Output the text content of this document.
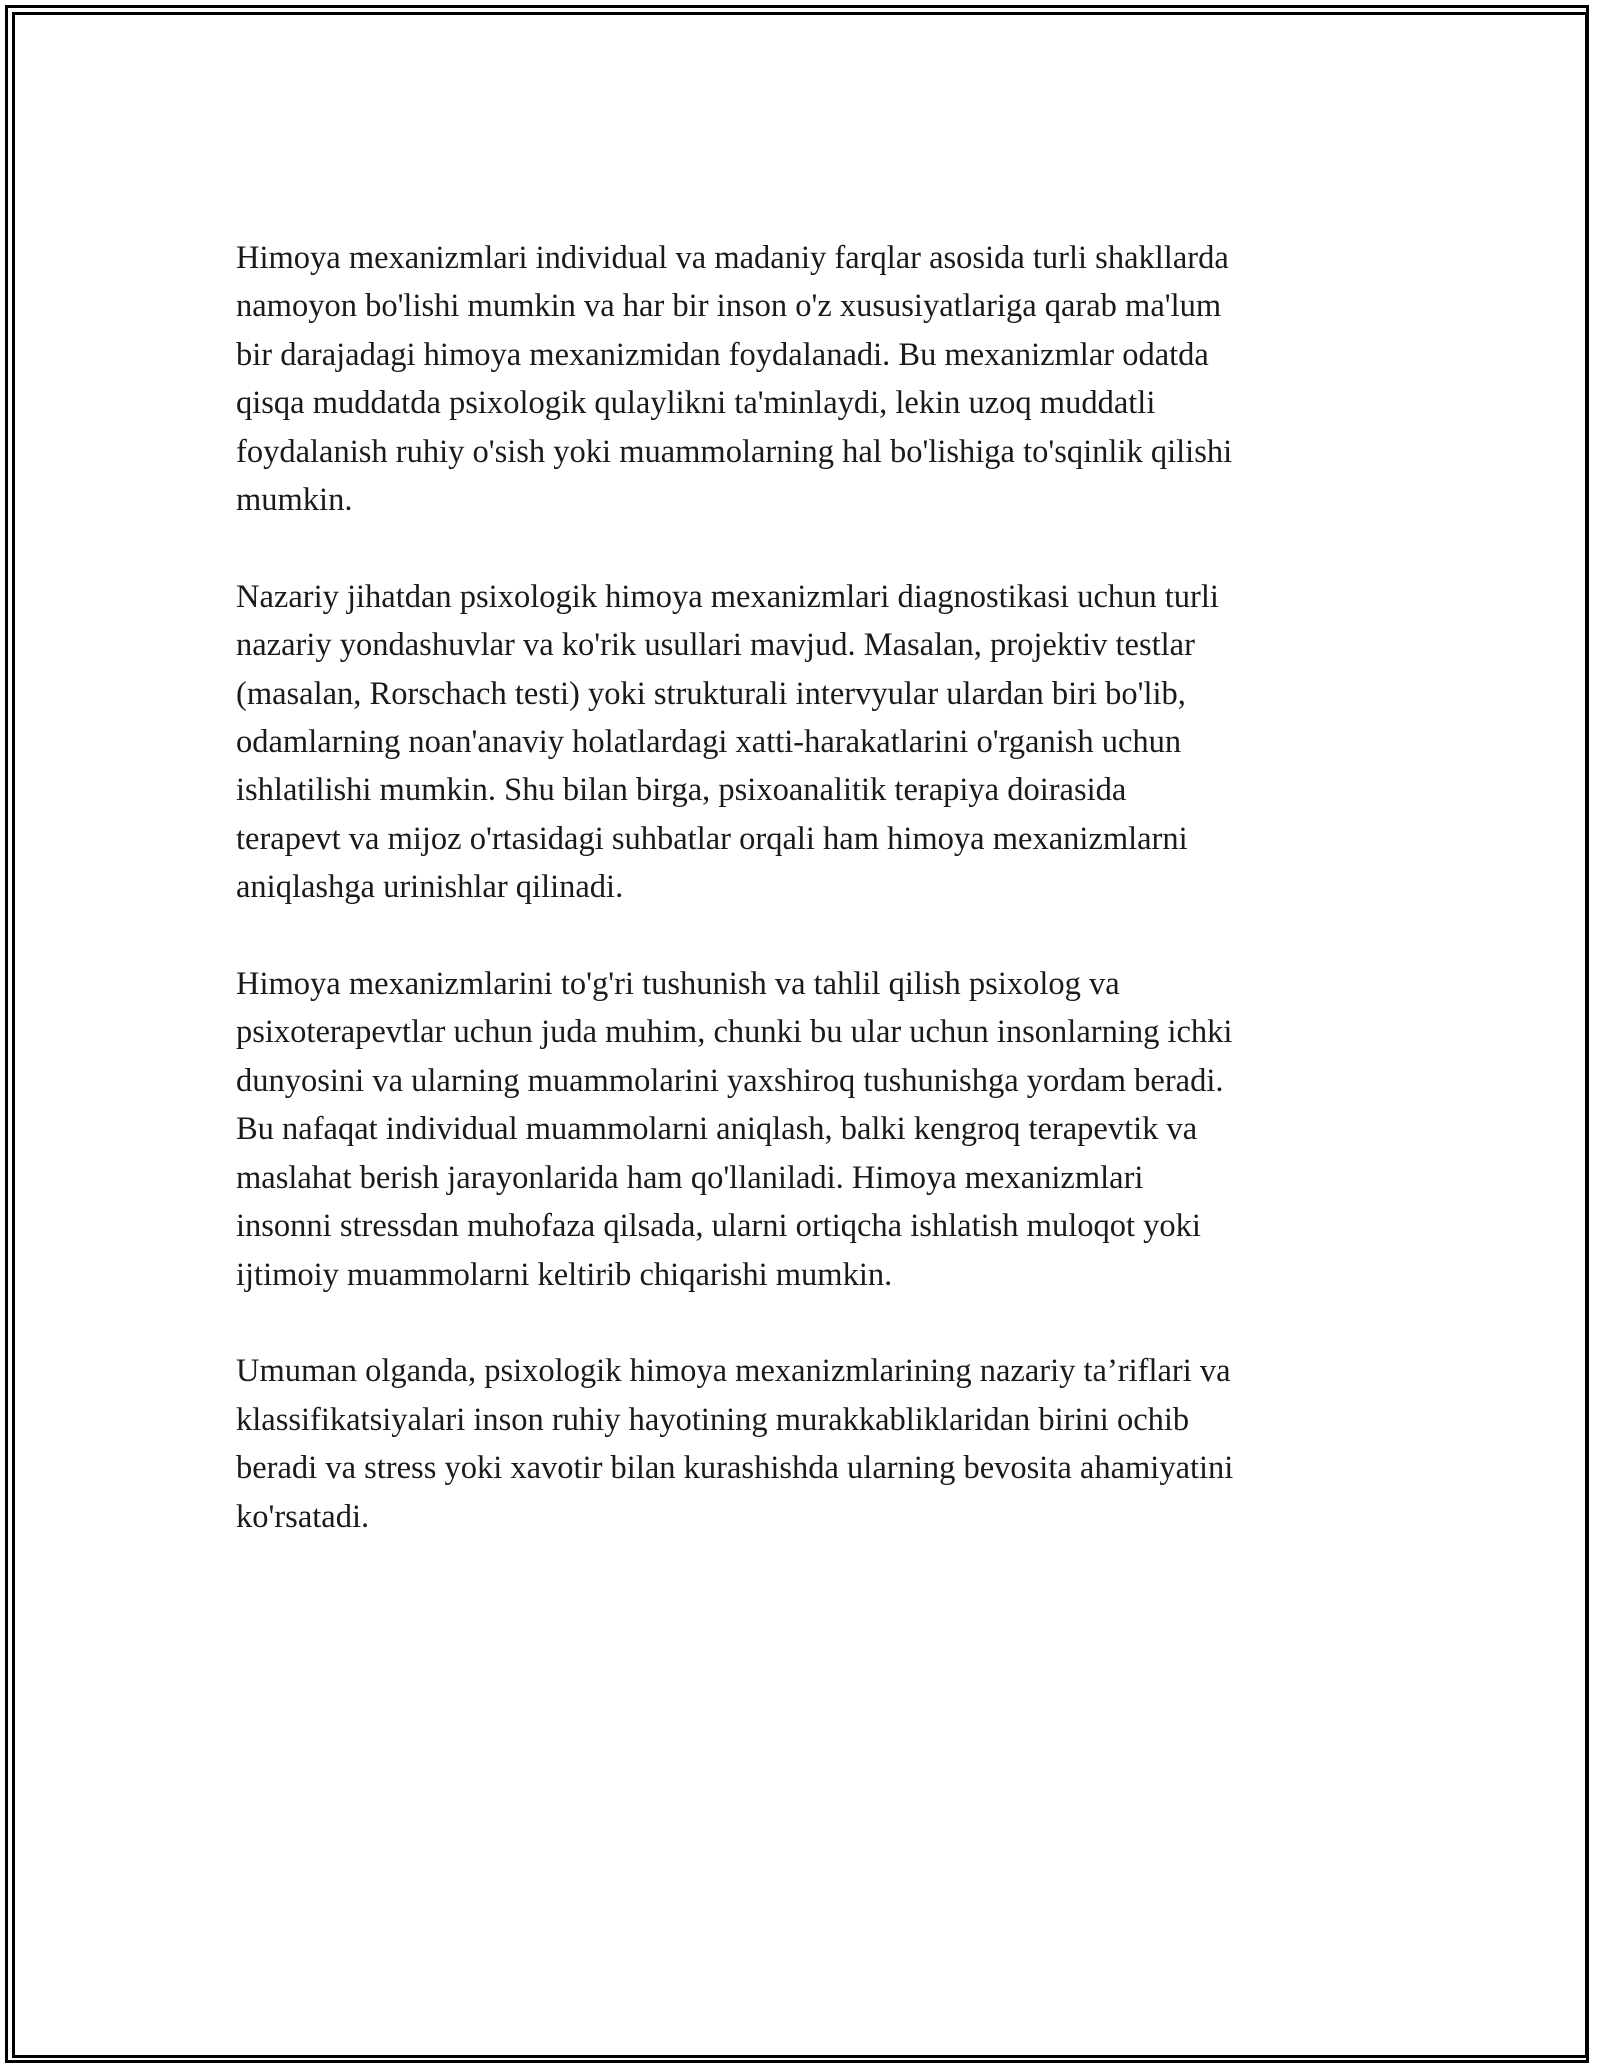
Himoya mexanizmlari individual va madaniy farqlar asosida turli shakllarda
namoyon bo'lishi mumkin va har bir inson o'z xususiyatlariga qarab ma'lum
bir darajadagi himoya mexanizmidan foydalanadi. Bu mexanizmlar odatda
qisqa muddatda psixologik qulaylikni ta'minlaydi, lekin uzoq muddatli
foydalanish ruhiy o'sish yoki muammolarning hal bo'lishiga to'sqinlik qilishi
mumkin.

Nazariy jihatdan psixologik himoya mexanizmlari diagnostikasi uchun turli
nazariy yondashuvlar va ko'rik usullari mavjud. Masalan, projektiv testlar
(masalan, Rorschach testi) yoki strukturali intervyular ulardan biri bo'lib,
odamlarning noan'anaviy holatlardagi xatti-harakatlarini o'rganish uchun
ishlatilishi mumkin. Shu bilan birga, psixoanalitik terapiya doirasida
terapevt va mijoz o'rtasidagi suhbatlar orqali ham himoya mexanizmlarni
aniqlashga urinishlar qilinadi.

Himoya mexanizmlarini to'g'ri tushunish va tahlil qilish psixolog va
psixoterapevtlar uchun juda muhim, chunki bu ular uchun insonlarning ichki
dunyosini va ularning muammolarini yaxshiroq tushunishga yordam beradi.
Bu nafaqat individual muammolarni aniqlash, balki kengroq terapevtik va
maslahat berish jarayonlarida ham qo'llaniladi. Himoya mexanizmlari
insonni stressdan muhofaza qilsada, ularni ortiqcha ishlatish muloqot yoki
ijtimoiy muammolarni keltirib chiqarishi mumkin.

Umuman olganda, psixologik himoya mexanizmlarining nazariy ta’riflari va
klassifikatsiyalari inson ruhiy hayotining murakkabliklaridan birini ochib
beradi va stress yoki xavotir bilan kurashishda ularning bevosita ahamiyatini
ko'rsatadi.
